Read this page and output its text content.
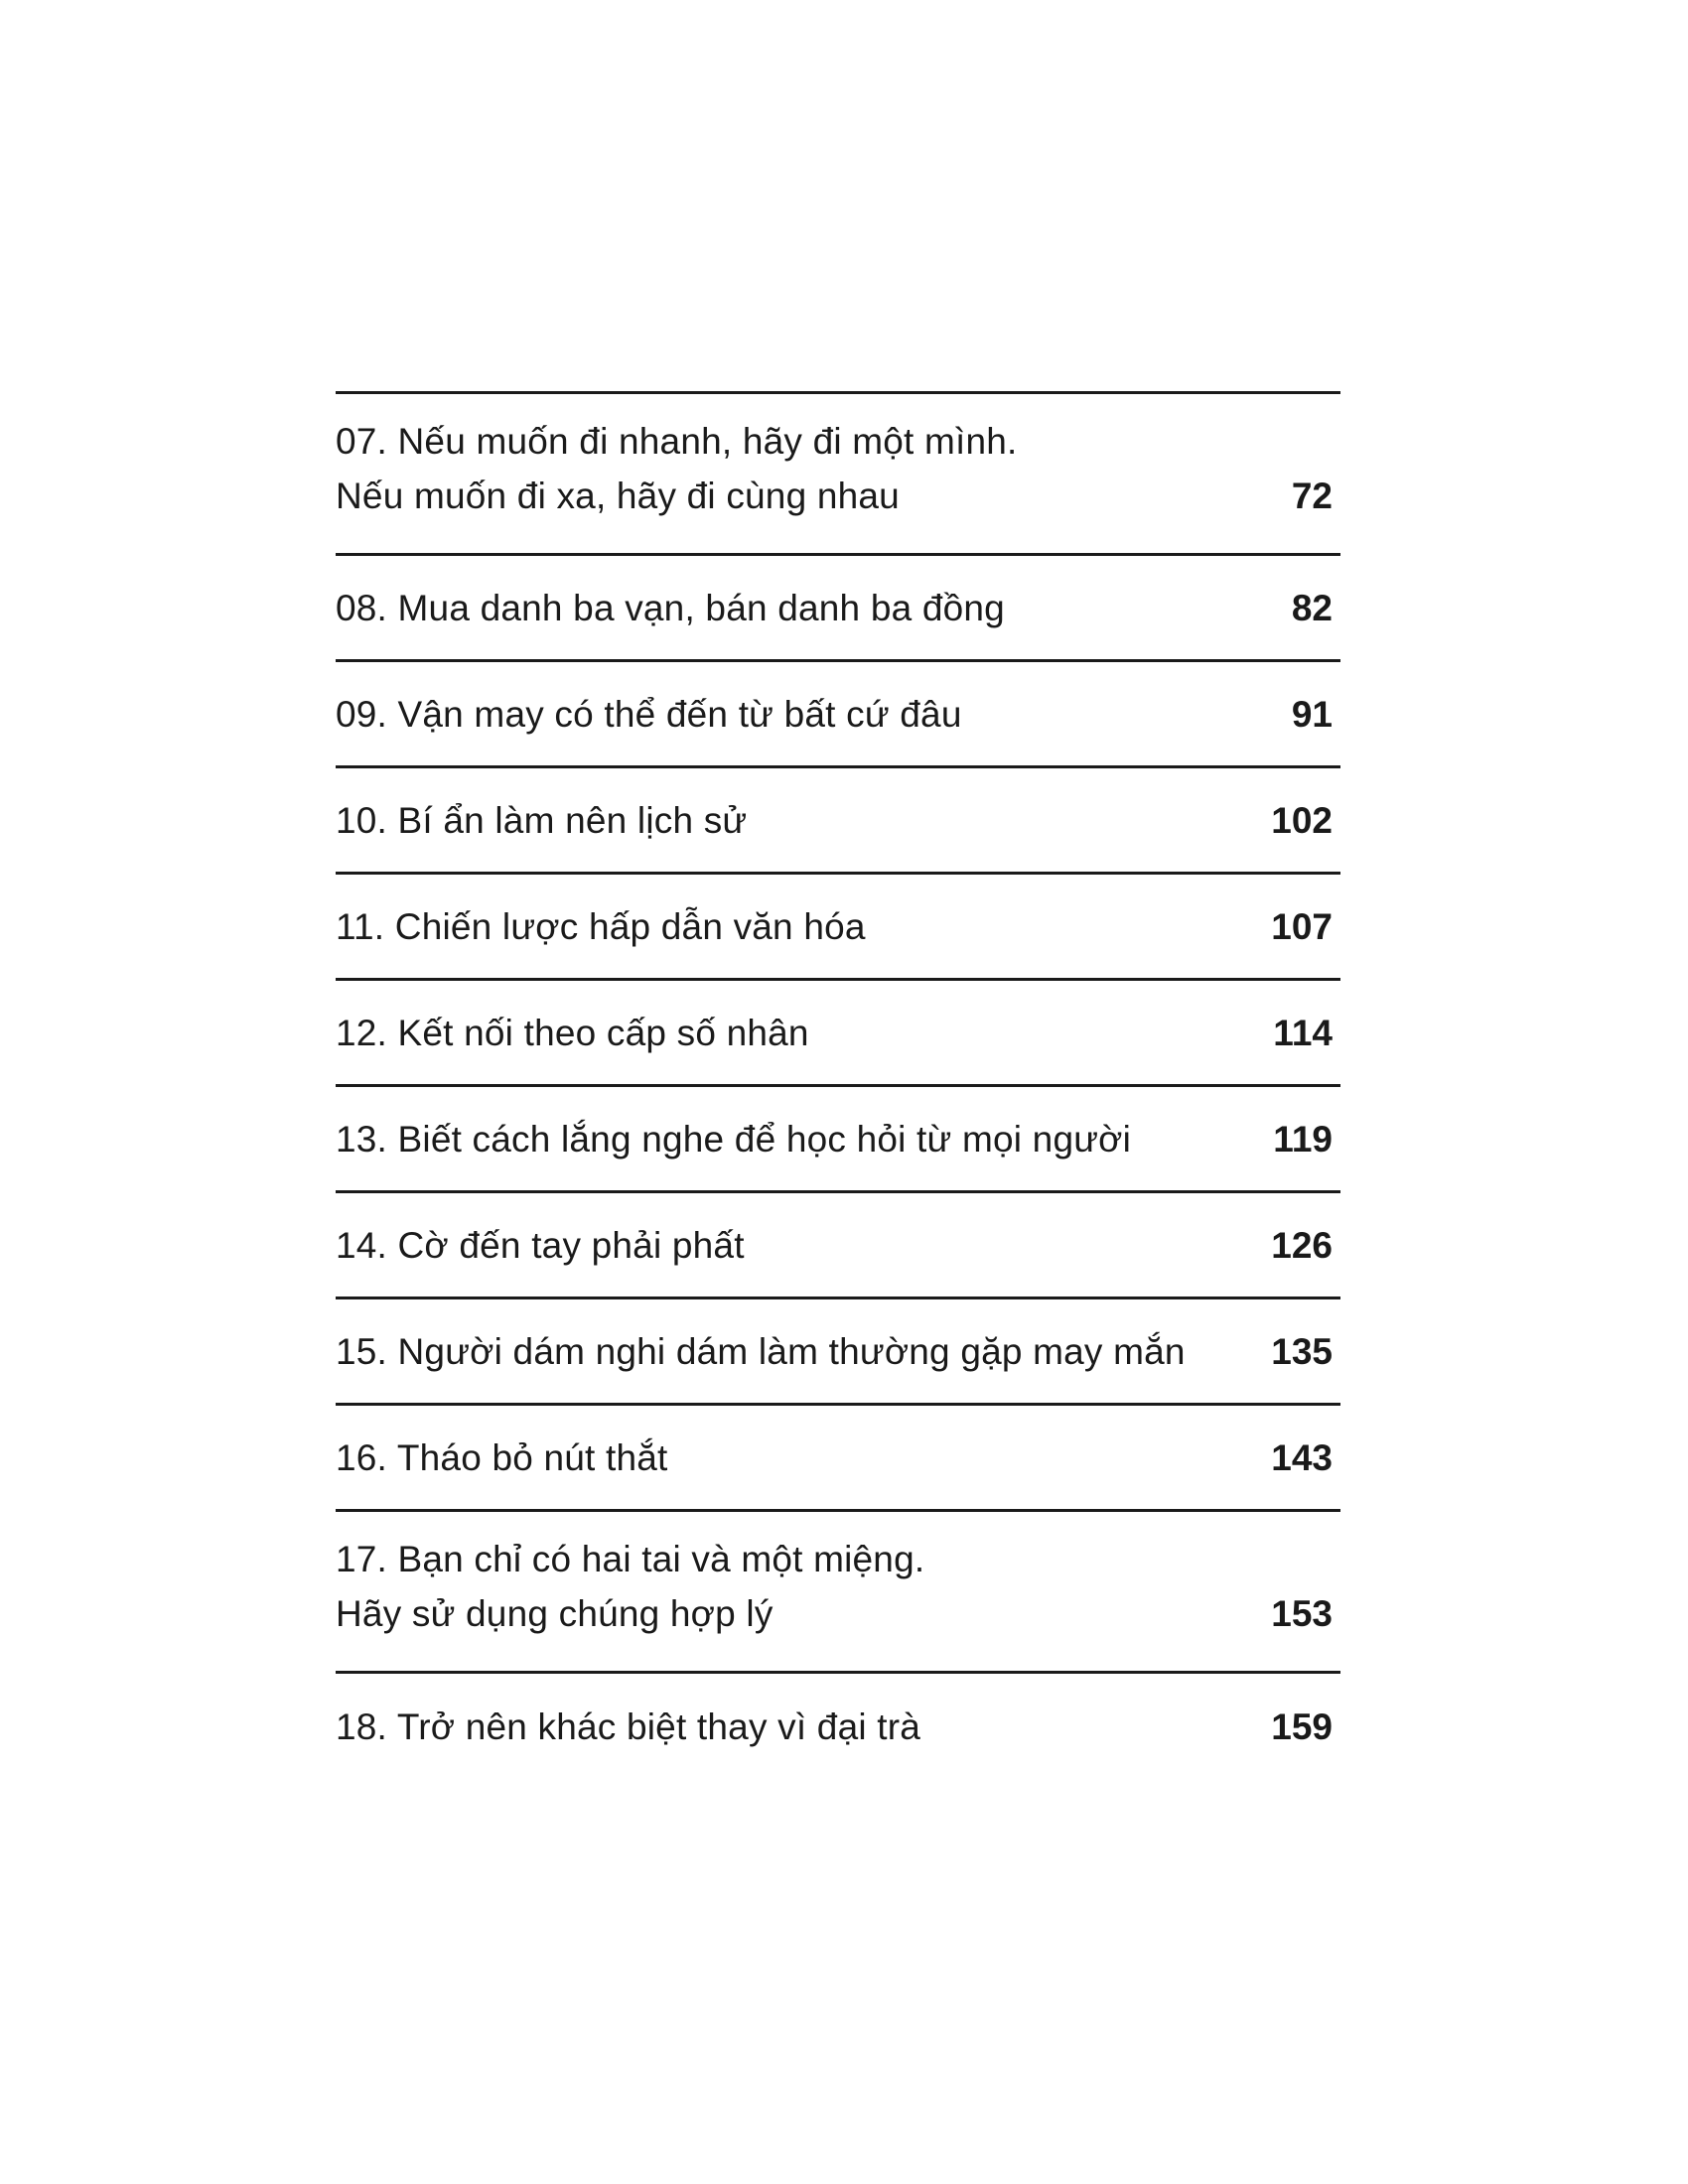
07. Nếu muốn đi nhanh, hãy đi một mình.
Nếu muốn đi xa, hãy đi cùng nhau	72
08. Mua danh ba vạn, bán danh ba đồng	82
09. Vận may có thể đến từ bất cứ đâu	91
10. Bí ẩn làm nên lịch sử	102
11. Chiến lược hấp dẫn văn hóa	107
12. Kết nối theo cấp số nhân	114
13. Biết cách lắng nghe để học hỏi từ mọi người	119
14. Cờ đến tay phải phất	126
15. Người dám nghi dám làm thường gặp may mắn 135
16. Tháo bỏ nút thắt	143
17. Bạn chỉ có hai tai và một miệng.
Hãy sử dụng chúng hợp lý	153
18. Trở nên khác biệt thay vì đại trà	159
